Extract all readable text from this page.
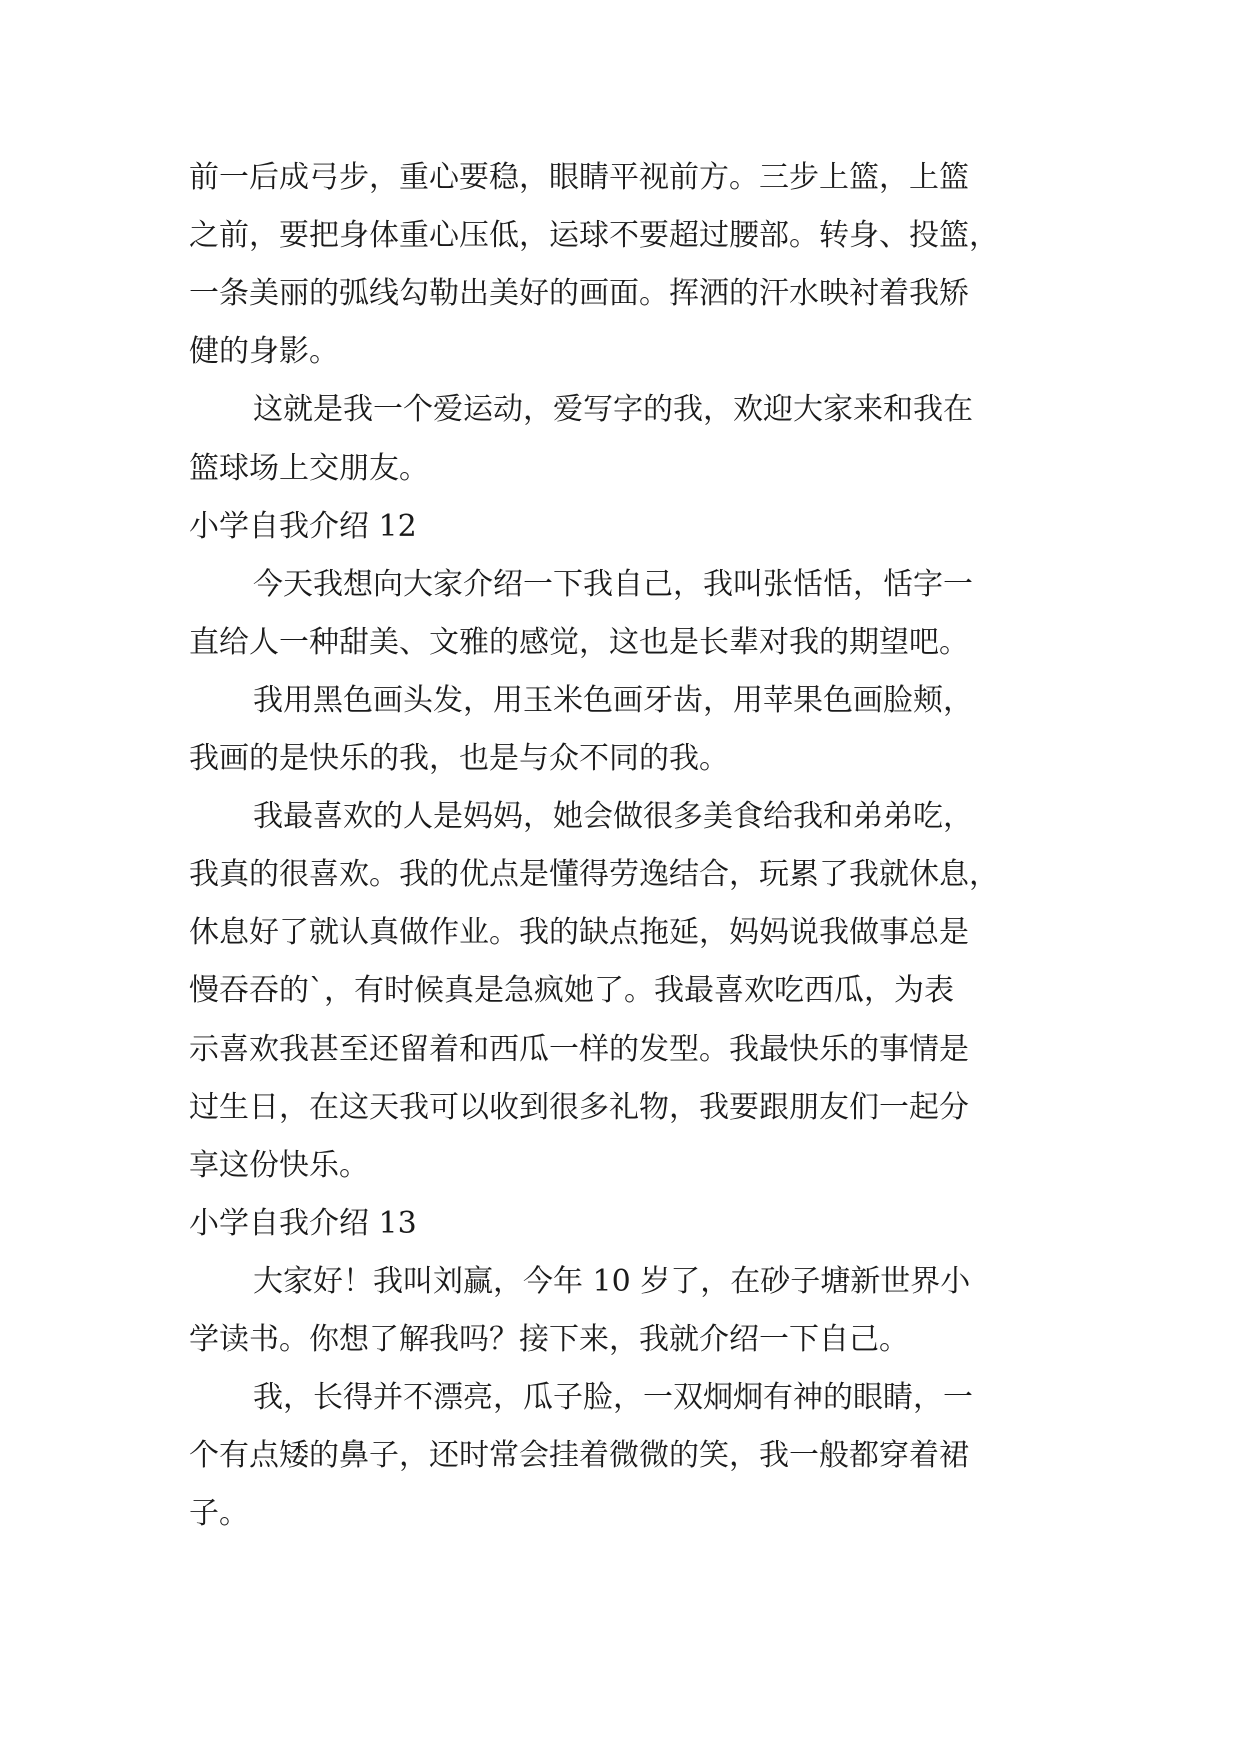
前一后成弓步，重心要稳，眼睛平视前方。三步上篮，上篮
之前，要把身体重心压低，运球不要超过腰部。转身、投篮，
一条美丽的弧线勾勒出美好的画面。挥洒的汗水映衬着我矫
健的身影。
这就是我一个爱运动，爱写字的我，欢迎大家来和我在
篮球场上交朋友。
小学自我介绍 12
今天我想向大家介绍一下我自己，我叫张恬恬，恬字一
直给人一种甜美、文雅的感觉，这也是长辈对我的期望吧。
我用黑色画头发，用玉米色画牙齿，用苹果色画脸颊，
我画的是快乐的我，也是与众不同的我。
我最喜欢的人是妈妈，她会做很多美食给我和弟弟吃，
我真的很喜欢。我的优点是懂得劳逸结合，玩累了我就休息，
休息好了就认真做作业。我的缺点拖延，妈妈说我做事总是
慢吞吞的`，有时候真是急疯她了。我最喜欢吃西瓜，为表
示喜欢我甚至还留着和西瓜一样的发型。我最快乐的事情是
过生日，在这天我可以收到很多礼物，我要跟朋友们一起分
享这份快乐。
小学自我介绍 13
大家好！我叫刘赢，今年 10 岁了，在砂子塘新世界小
学读书。你想了解我吗？接下来，我就介绍一下自己。
我，长得并不漂亮，瓜子脸，一双炯炯有神的眼睛，一
个有点矮的鼻子，还时常会挂着微微的笑，我一般都穿着裙
子。
